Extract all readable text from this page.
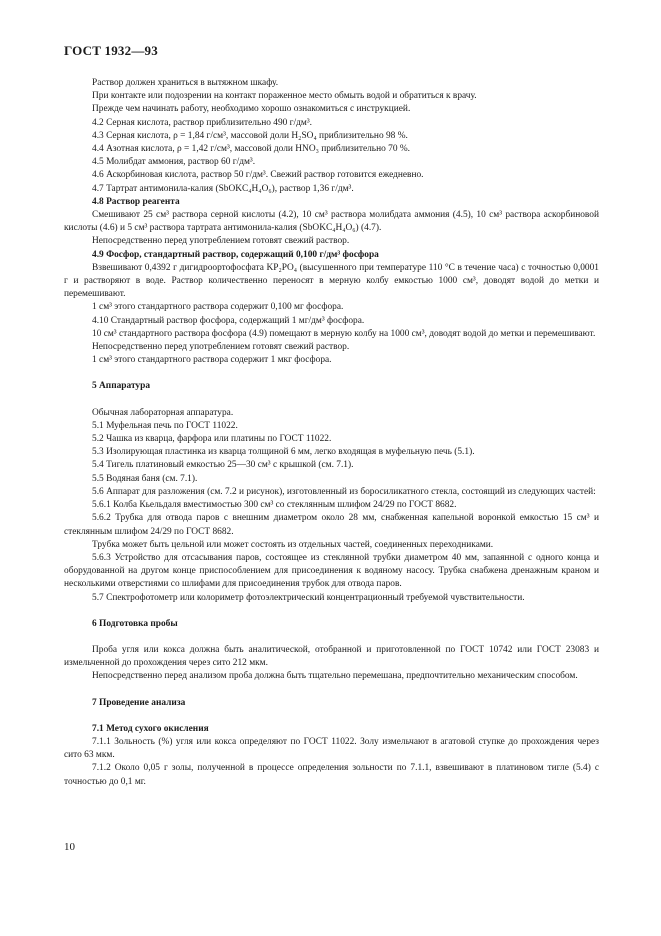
ГОСТ 1932—93

Раствор должен храниться в вытяжном шкафу.

При контакте или подозрении на контакт пораженное место обмыть водой и обратиться к врачу.

Прежде чем начинать работу, необходимо хорошо ознакомиться с инструкцией.

4.2 Серная кислота, раствор приблизительно 490 г/дм³.

4.3 Серная кислота, ρ = 1,84 г/см³, массовой доли H₂SO₄ приблизительно 98 %.

4.4 Азотная кислота, ρ = 1,42 г/см³, массовой доли HNO₃ приблизительно 70 %.

4.5 Молибдат аммония, раствор 60 г/дм³.

4.6 Аскорбиновая кислота, раствор 50 г/дм³. Свежий раствор готовится ежедневно.

4.7 Тартрат антимонила-калия (SbOKC₄H₄O₆), раствор 1,36 г/дм³.

4.8 Раствор реагента

Смешивают 25 см³ раствора серной кислоты (4.2), 10 см³ раствора молибдата аммония (4.5), 10 см³ раствора аскорбиновой кислоты (4.6) и 5 см³ раствора тартрата антимонила-калия (SbOKC₄H₄O₆) (4.7).

Непосредственно перед употреблением готовят свежий раствор.

4.9 Фосфор, стандартный раствор, содержащий 0,100 г/дм³ фосфора

Взвешивают 0,4392 г дигидроортофосфата KP₂PO₄ (высушенного при температуре 110 °С в течение часа) с точностью 0,0001 г и растворяют в воде. Раствор количественно переносят в мерную колбу емкостью 1000 см³, доводят водой до метки и перемешивают.

1 см³ этого стандартного раствора содержит 0,100 мг фосфора.

4.10 Стандартный раствор фосфора, содержащий 1 мг/дм³ фосфора.

10 см³ стандартного раствора фосфора (4.9) помещают в мерную колбу на 1000 см³, доводят водой до метки и перемешивают.

Непосредственно перед употреблением готовят свежий раствор.

1 см³ этого стандартного раствора содержит 1 мкг фосфора.

5 Аппаратура

Обычная лабораторная аппаратура.

5.1 Муфельная печь по ГОСТ 11022.

5.2 Чашка из кварца, фарфора или платины по ГОСТ 11022.

5.3 Изолирующая пластинка из кварца толщиной 6 мм, легко входящая в муфельную печь (5.1).

5.4 Тигель платиновый емкостью 25—30 см³ с крышкой (см. 7.1).

5.5 Водяная баня (см. 7.1).

5.6 Аппарат для разложения (см. 7.2 и рисунок), изготовленный из боросиликатного стекла, состоящий из следующих частей:

5.6.1 Колба Кьельдаля вместимостью 300 см³ со стеклянным шлифом 24/29 по ГОСТ 8682.

5.6.2 Трубка для отвода паров с внешним диаметром около 28 мм, снабженная капельной воронкой емкостью 15 см³ и стеклянным шлифом 24/29 по ГОСТ 8682.

Трубка может быть цельной или может состоять из отдельных частей, соединенных переходниками.

5.6.3 Устройство для отсасывания паров, состоящее из стеклянной трубки диаметром 40 мм, запаянной с одного конца и оборудованной на другом конце приспособлением для присоединения к водяному насосу. Трубка снабжена дренажным краном и несколькими отверстиями со шлифами для присоединения трубок для отвода паров.

5.7 Спектрофотометр или колориметр фотоэлектрический концентрационный требуемой чувствительности.

6 Подготовка пробы

Проба угля или кокса должна быть аналитической, отобранной и приготовленной по ГОСТ 10742 или ГОСТ 23083 и измельченной до прохождения через сито 212 мкм.

Непосредственно перед анализом проба должна быть тщательно перемешана, предпочтительно механическим способом.

7 Проведение анализа

7.1 Метод сухого окисления

7.1.1 Зольность (%) угля или кокса определяют по ГОСТ 11022. Золу измельчают в агатовой ступке до прохождения через сито 63 мкм.

7.1.2 Около 0,05 г золы, полученной в процессе определения зольности по 7.1.1, взвешивают в платиновом тигле (5.4) с точностью до 0,1 мг.

10
